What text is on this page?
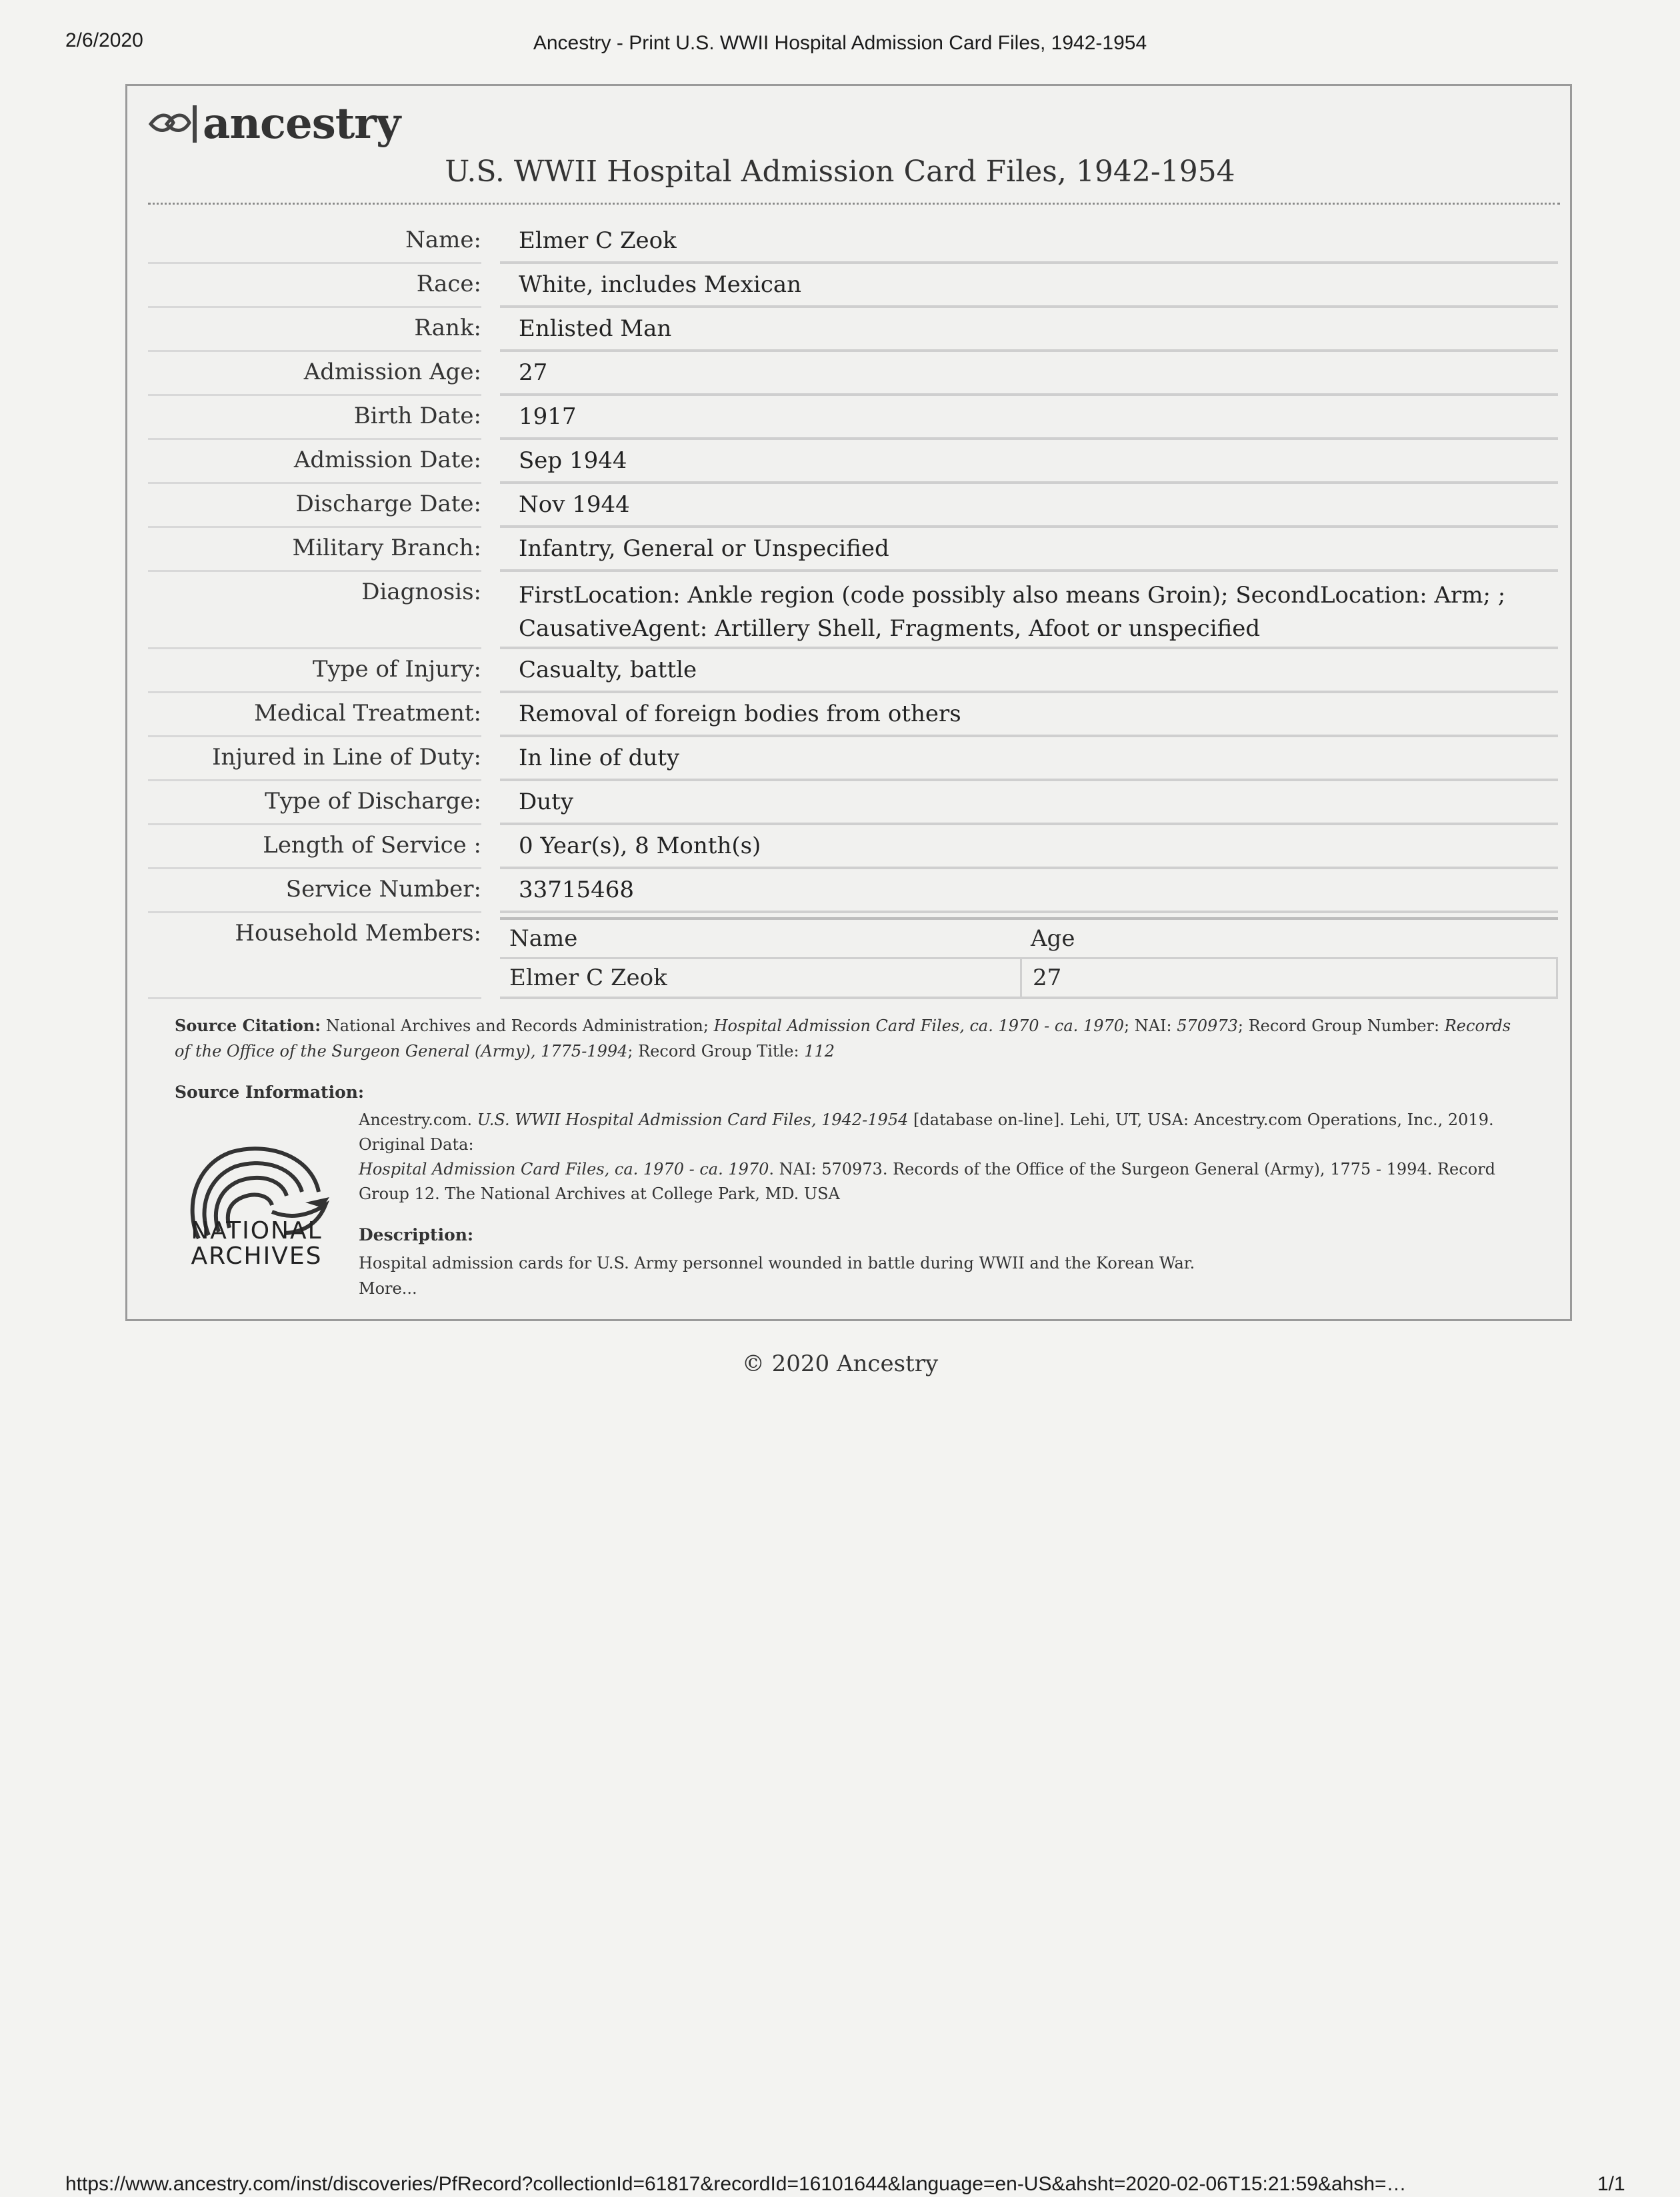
2/6/2020	Ancestry - Print U.S. WWII Hospital Admission Card Files, 1942-1954
ancestry
U.S. WWII Hospital Admission Card Files, 1942-1954
Name: Elmer C Zeok
Race: White, includes Mexican
Rank: Enlisted Man
Admission Age: 27
Birth Date: 1917
Admission Date: Sep 1944
Discharge Date: Nov 1944
Military Branch: Infantry, General or Unspecified
Diagnosis: FirstLocation: Ankle region (code possibly also means Groin); SecondLocation: Arm; ;
CausativeAgent: Artillery Shell, Fragments, Afoot or unspecified
Type of Injury: Casualty, battle
Medical Treatment: Removal of foreign bodies from others
Injured in Line of Duty: In line of duty
Type of Discharge: Duty
Length of Service : 0 Year(s), 8 Month(s)
Service Number: 33715468
Household Members:	Name	Age
Elmer C Zeok	27
Source Citation: National Archives and Records Administration; Hospital Admission Card Files, ca. 1970 - ca. 1970; NAI: 570973; Record Group Number: Records of the Office of the Surgeon General (Army), 1775-1994; Record Group Title: 112
Source Information:
NATIONAL
ARCHIVES
Ancestry.com. U.S. WWII Hospital Admission Card Files, 1942-1954 [database on-line]. Lehi, UT, USA: Ancestry.com Operations, Inc., 2019.
Original Data:
Hospital Admission Card Files, ca. 1970 - ca. 1970. NAI: 570973. Records of the Office of the Surgeon General (Army), 1775 - 1994. Record Group 12. The National Archives at College Park, MD. USA
Description:
Hospital admission cards for U.S. Army personnel wounded in battle during WWII and the Korean War.
More...
© 2020 Ancestry
https://www.ancestry.com/inst/discoveries/PfRecord?collectionId=61817&recordId=16101644&language=en-US&ahsht=2020-02-06T15:21:59&ahsh=…	1/1
